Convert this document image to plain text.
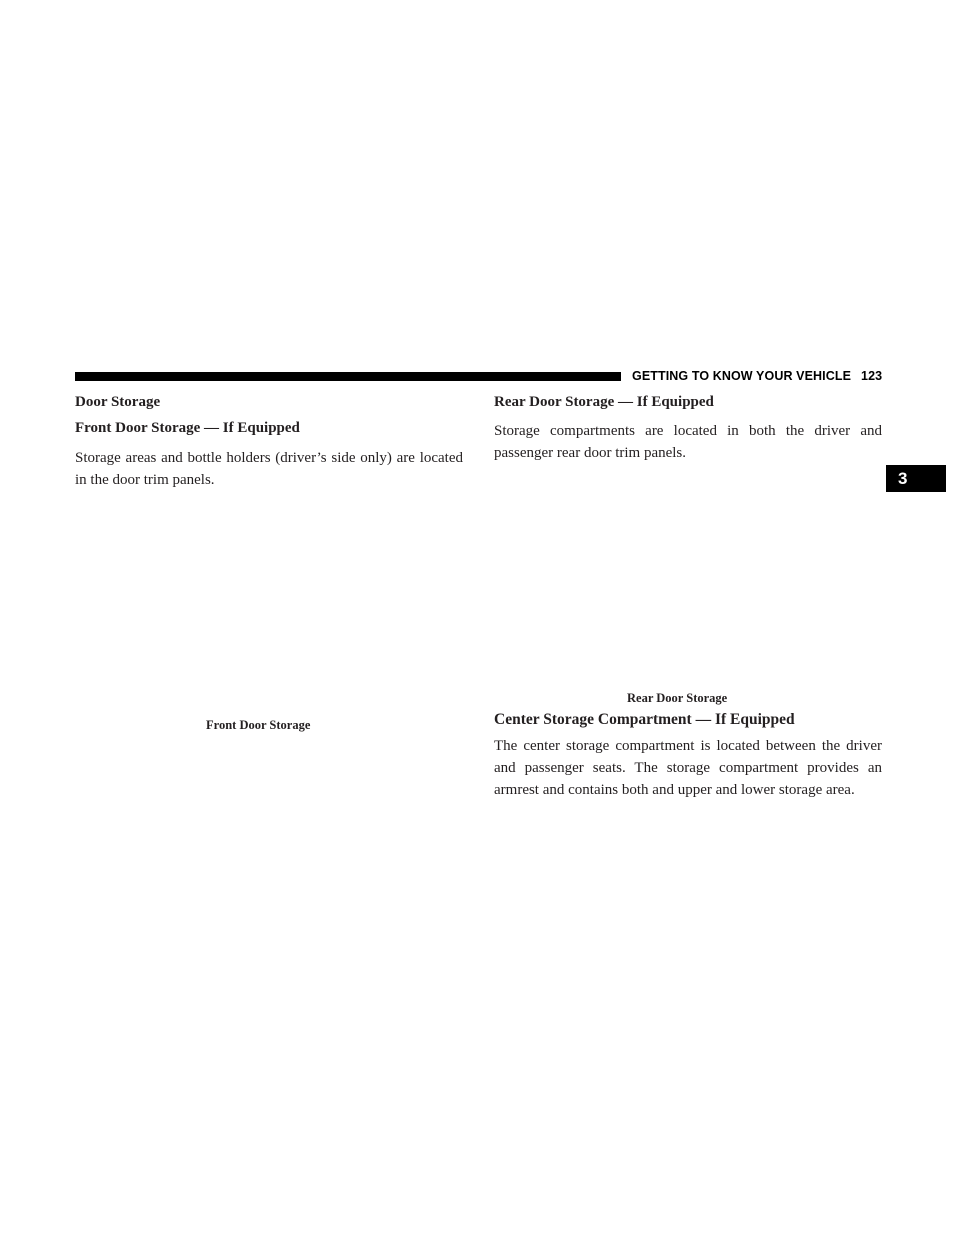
GETTING TO KNOW YOUR VEHICLE 123
3
Door Storage
Front Door Storage — If Equipped

Storage areas and bottle holders (driver’s side only) are located in the door trim panels.

Front Door Storage
Rear Door Storage — If Equipped

Storage compartments are located in both the driver and passenger rear door trim panels.

Rear Door Storage
Center Storage Compartment — If Equipped

The center storage compartment is located between the driver and passenger seats. The storage compartment provides an armrest and contains both and upper and lower storage area.
